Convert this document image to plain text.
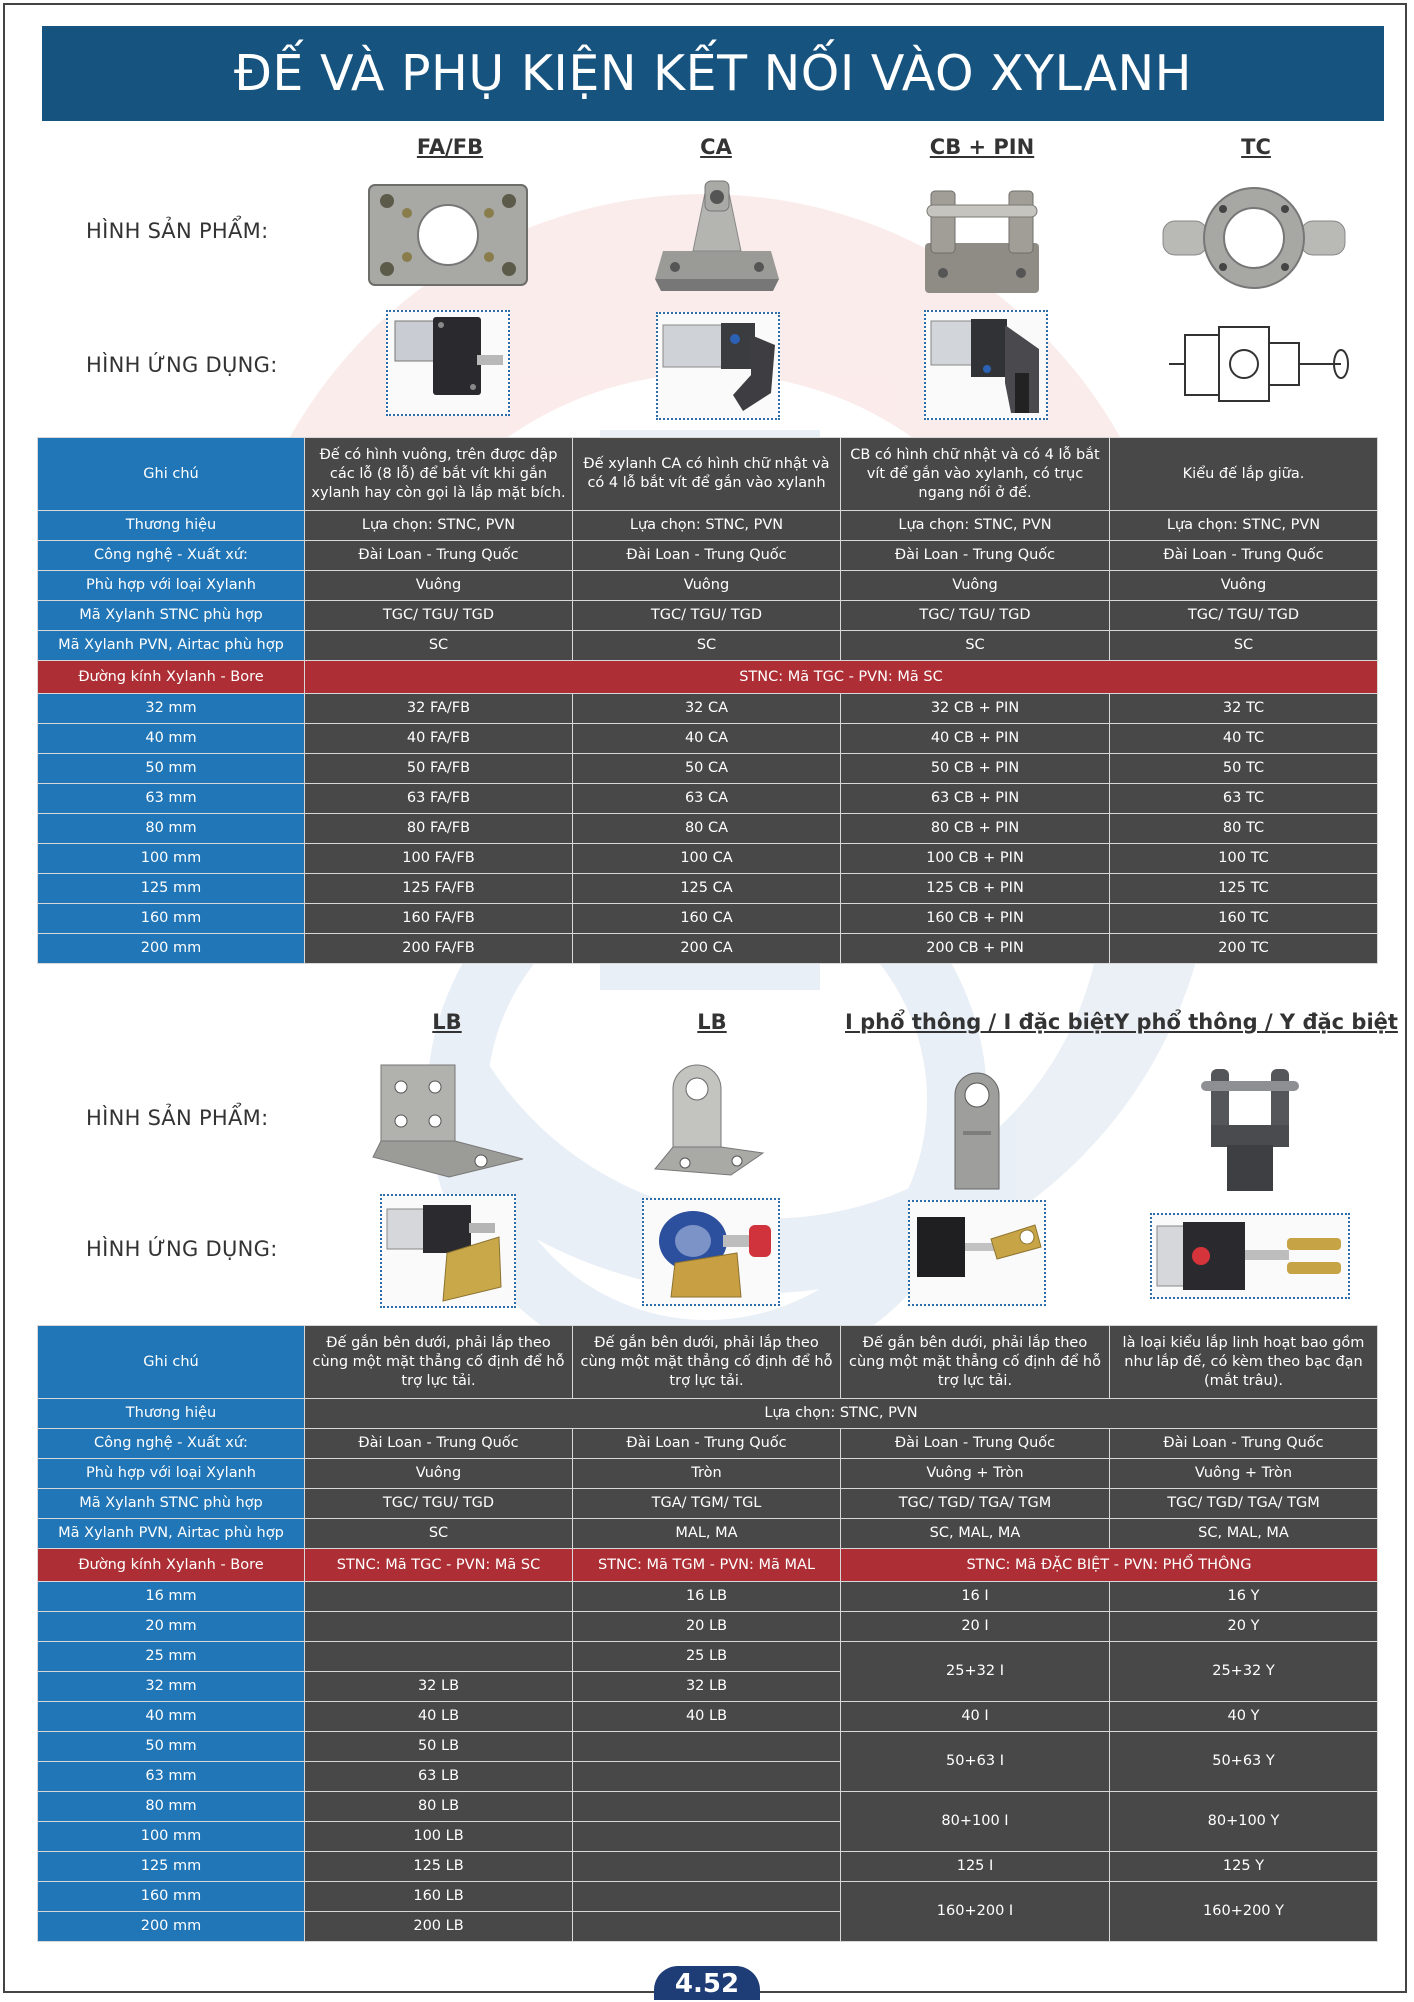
ĐẾ VÀ PHỤ KIỆN KẾT NỐI VÀO XYLANH
FA/FB	CA	CB + PIN	TC
HÌNH SẢN PHẨM:
HÌNH ỨNG DỤNG:
Ghi chú	Đế có hình vuông, trên được dập các lỗ (8 lỗ) để bắt vít khi gắn xylanh hay còn gọi là lắp mặt bích.	Đế xylanh CA có hình chữ nhật và có 4 lỗ bắt vít để gắn vào xylanh	CB có hình chữ nhật và có 4 lỗ bắt vít để gắn vào xylanh, có trục ngang nối ở đế.	Kiểu đế lắp giữa.
Thương hiệu	Lựa chọn: STNC, PVN	Lựa chọn: STNC, PVN	Lựa chọn: STNC, PVN	Lựa chọn: STNC, PVN
Công nghệ - Xuất xứ:	Đài Loan - Trung Quốc	Đài Loan - Trung Quốc	Đài Loan - Trung Quốc	Đài Loan - Trung Quốc
Phù hợp với loại Xylanh	Vuông	Vuông	Vuông	Vuông
Mã Xylanh STNC phù hợp	TGC/ TGU/ TGD	TGC/ TGU/ TGD	TGC/ TGU/ TGD	TGC/ TGU/ TGD
Mã Xylanh PVN, Airtac phù hợp	SC	SC	SC	SC
Đường kính Xylanh - Bore	STNC: Mã TGC - PVN: Mã SC			
32 mm	32 FA/FB	32 CA	32 CB + PIN	32 TC
40 mm	40 FA/FB	40 CA	40 CB + PIN	40 TC
50 mm	50 FA/FB	50 CA	50 CB + PIN	50 TC
63 mm	63 FA/FB	63 CA	63 CB + PIN	63 TC
80 mm	80 FA/FB	80 CA	80 CB + PIN	80 TC
100 mm	100 FA/FB	100 CA	100 CB + PIN	100 TC
125 mm	125 FA/FB	125 CA	125 CB + PIN	125 TC
160 mm	160 FA/FB	160 CA	160 CB + PIN	160 TC
200 mm	200 FA/FB	200 CA	200 CB + PIN	200 TC
LB	LB	I phổ thông / I đặc biệt Y phổ thông / Y đặc biệt
HÌNH SẢN PHẨM:
HÌNH ỨNG DỤNG:
Ghi chú	Đế gắn bên dưới, phải lắp theo cùng một mặt thẳng cố định để hỗ trợ lực tải.	Đế gắn bên dưới, phải lắp theo cùng một mặt thẳng cố định để hỗ trợ lực tải.	Đế gắn bên dưới, phải lắp theo cùng một mặt thẳng cố định để hỗ trợ lực tải.	là loại kiểu lắp linh hoạt bao gồm như lắp đế, có kèm theo bạc đạn (mắt trâu).
Thương hiệu	Lựa chọn: STNC, PVN			
Công nghệ - Xuất xứ:	Đài Loan - Trung Quốc	Đài Loan - Trung Quốc	Đài Loan - Trung Quốc	Đài Loan - Trung Quốc
Phù hợp với loại Xylanh	Vuông	Tròn	Vuông + Tròn	Vuông + Tròn
Mã Xylanh STNC phù hợp	TGC/ TGU/ TGD	TGA/ TGM/ TGL	TGC/ TGD/ TGA/ TGM	TGC/ TGD/ TGA/ TGM
Mã Xylanh PVN, Airtac phù hợp	SC	MAL, MA	SC, MAL, MA	SC, MAL, MA
Đường kính Xylanh - Bore	STNC: Mã TGC - PVN: Mã SC	STNC: Mã TGM - PVN: Mã MAL	STNC: Mã ĐẶC BIỆT - PVN: PHỔ THÔNG	
16 mm		16 LB	16 I	16 Y
20 mm		20 LB	20 I	20 Y
25 mm		25 LB	25+32 I	25+32 Y
32 mm	32 LB	32 LB		
40 mm	40 LB	40 LB	40 I	40 Y
50 mm	50 LB		50+63 I	50+63 Y
63 mm	63 LB			
80 mm	80 LB		80+100 I	80+100 Y
100 mm	100 LB			
125 mm	125 LB		125 I	125 Y
160 mm	160 LB		160+200 I	160+200 Y
200 mm	200 LB			
4.52
